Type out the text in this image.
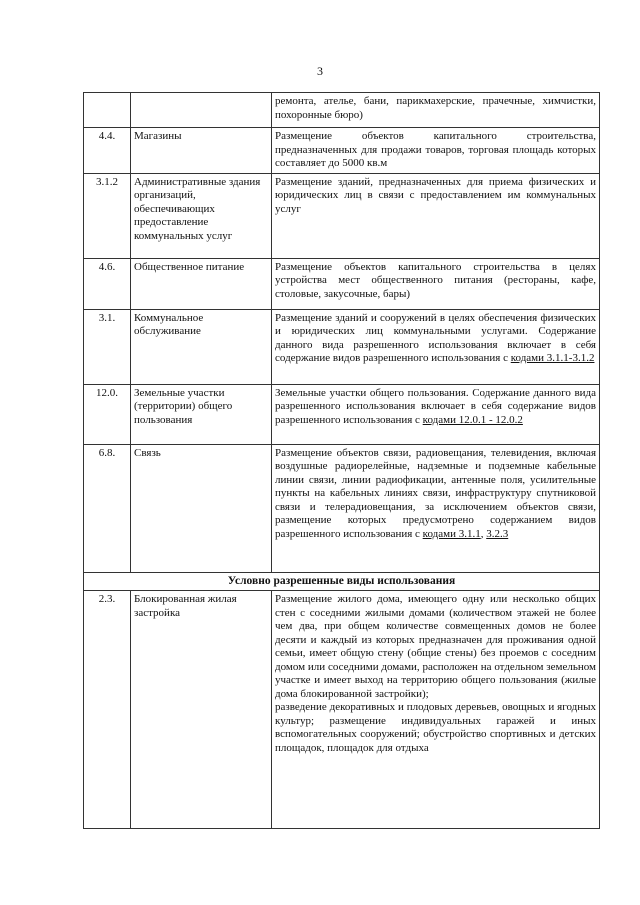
3
		ремонта, ателье, бани, парикмахерские, прачечные, химчистки, похоронные бюро)
4.4.	Магазины	Размещение объектов капитального строительства, предназначенных для продажи товаров, торговая площадь которых составляет до 5000 кв.м
3.1.2	Административные здания организаций, обеспечивающих предоставление коммунальных услуг	Размещение зданий, предназначенных для приема физических и юридических лиц в связи с предоставлением им коммунальных услуг
4.6.	Общественное питание	Размещение объектов капитального строительства в целях устройства мест общественного питания (рестораны, кафе, столовые, закусочные, бары)
3.1.	Коммунальное обслуживание	Размещение зданий и сооружений в целях обеспечения физических и юридических лиц коммунальными услугами. Содержание данного вида разрешенного использования включает в себя содержание видов разрешенного использования с кодами 3.1.1-3.1.2
12.0.	Земельные участки (территории) общего пользования	Земельные участки общего пользования. Содержание данного вида разрешенного использования включает в себя содержание видов разрешенного использования с кодами 12.0.1 - 12.0.2
6.8.	Связь	Размещение объектов связи, радиовещания, телевидения, включая воздушные радиорелейные, надземные и подземные кабельные линии связи, линии радиофикации, антенные поля, усилительные пункты на кабельных линиях связи, инфраструктуру спутниковой связи и телерадиовещания, за исключением объектов связи, размещение которых предусмотрено содержанием видов разрешенного использования с кодами 3.1.1, 3.2.3
Условно разрешенные виды использования		
2.3.	Блокированная жилая застройка	Размещение жилого дома, имеющего одну или несколько общих стен с соседними жилыми домами (количеством этажей не более чем два, при общем количестве совмещенных домов не более десяти и каждый из которых предназначен для проживания одной семьи, имеет общую стену (общие стены) без проемов с соседним домом или соседними домами, расположен на отдельном земельном участке и имеет выход на территорию общего пользования (жилые дома блокированной застройки);
разведение декоративных и плодовых деревьев, овощных и ягодных культур; размещение индивидуальных гаражей и иных вспомогательных сооружений; обустройство спортивных и детских площадок, площадок для отдыха
